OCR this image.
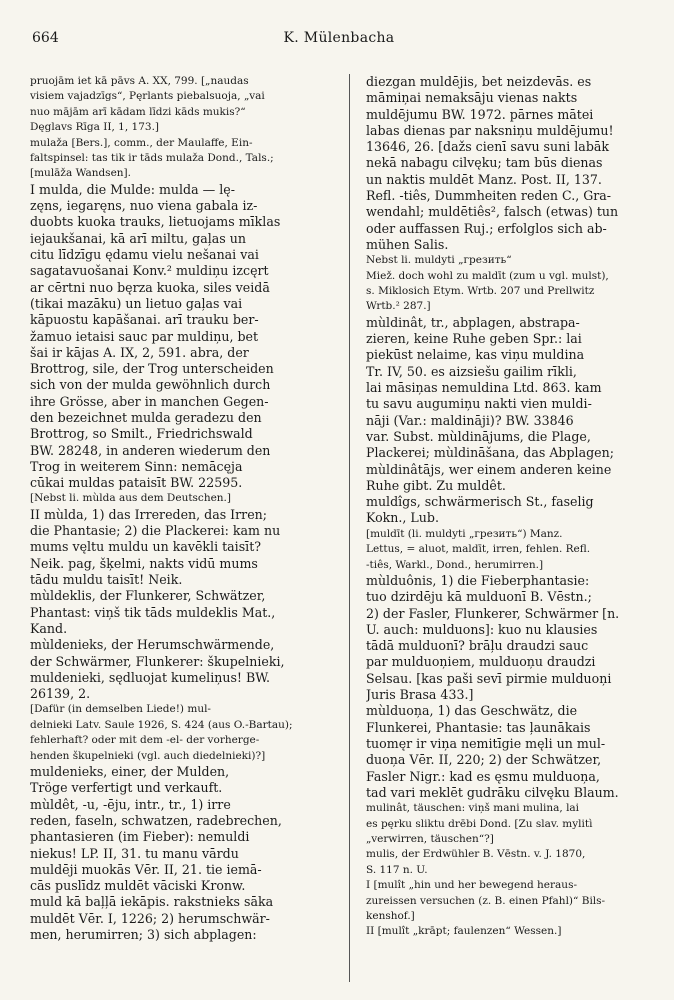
664	K. Mülenbacha
pruojām iet kā pāvs A. XX, 799. [„naudas
visiem vajadzīgs“, Pęrlants piebalsuoja, „vai
nuo mājām arī kādam līdzi kāds mukis?“
Dęglavs Rīga II, 1, 173.]
mulaža [Bers.], comm., der Maulaffe, Ein-
faltspinsel: tas tik ir tāds mulaža Dond., Tals.;
[mulāža Wandsen].
I mulda, die Mulde: mulda — lę-
zęns, iegaręns, nuo viena gabala iz-
duobts kuoka trauks, lietuojams mīklas
iejaukšanai, kā arī miltu, gaļas un
citu līdzīgu ędamu vielu nešanai vai
sagatavuošanai Konv.² muldiņu izcęrt
ar cērtni nuo bęrza kuoka, siles veidā
(tikai mazāku) un lietuo gaļas vai
kāpuostu kapāšanai. arī trauku ber-
žamuo ietaisi sauc par muldiņu, bet
šai ir kājas A. IX, 2, 591. abra, der
Brottrog, sile, der Trog unterscheiden
sich von der mulda gewöhnlich durch
ihre Grösse, aber in manchen Gegen-
den bezeichnet mulda geradezu den
Brottrog, so Smilt., Friedrichswald
BW. 28248, in anderen wiederum den
Trog in weiterem Sinn: nemācęja
cūkai muldas pataisīt BW. 22595.
[Nebst li. mùlda aus dem Deutschen.]
II mùlda, 1) das Irrereden, das Irren;
die Phantasie; 2) die Plackerei: kam nu
mums vęltu muldu un kavēkli taisīt?
Neik. pag, šķelmi, nakts vidū mums
tādu muldu taisīt! Neik.
mùldeklis, der Flunkerer, Schwätzer,
Phantast: viņš tik tāds muldeklis Mat.,
Kand.
mùldenieks, der Herumschwärmende,
der Schwärmer, Flunkerer: škupelnieki,
muldenieki, sędluojat kumeliņus! BW.
26139, 2.
[Dafür (in demselben Liede!) mul-
delnieki Latv. Saule 1926, S. 424 (aus O.-Bartau);
fehlerhaft? oder mit dem -el- der vorherge-
henden škupelnieki (vgl. auch diedelnieki)?]
muldenieks, einer, der Mulden,
Tröge verfertigt und verkauft.
mùldêt, -u, -ēju, intr., tr., 1) irre
reden, faseln, schwatzen, radebrechen,
phantasieren (im Fieber): nemuldi
niekus! LP. II, 31. tu manu vārdu
muldēji muokās Vēr. II, 21. tie iemā-
cās puslīdz muldēt vāciski Kronw.
muld kā baļļā iekāpis. rakstnieks sāka
muldēt Vēr. I, 1226; 2) herumschwär-
men, herumirren; 3) sich abplagen:
diezgan muldējis, bet neizdevās. es
māmiņai nemaksāju vienas nakts
muldējumu BW. 1972. pārnes mātei
labas dienas par naksniņu muldējumu!
13646, 26. [dažs cienī savu suni labāk
nekā nabagu cilvęku; tam būs dienas
un naktis muldēt Manz. Post. II, 137.
Refl. -tiês, Dummheiten reden C., Gra-
wendahl; muldētiês², falsch (etwas) tun
oder auffassen Ruj.; erfolglos sich ab-
mühen Salis.
Nebst li. muldyti „грезить“
Miež. doch wohl zu maldīt (zum u vgl. mulst),
s. Miklosich Etym. Wrtb. 207 und Prellwitz
Wrtb.² 287.]
mùldinât, tr., abplagen, abstrapa-
zieren, keine Ruhe geben Spr.: lai
piekūst nelaime, kas viņu muldina
Tr. IV, 50. es aizsiešu gailim rīkli,
lai māsiņas nemuldina Ltd. 863. kam
tu savu augumiņu nakti vien muldi-
nāji (Var.: maldināji)? BW. 33846
var. Subst. mùldinājums, die Plage,
Plackerei; mùldināšana, das Abplagen;
mùldinâtājs, wer einem anderen keine
Ruhe gibt. Zu muldêt.
muldîgs, schwärmerisch St., faselig
Kokn., Lub.
[muldīt (li. muldyti „грезить“) Manz.
Lettus, = aluot, maldīt, irren, fehlen. Refl.
-tiês, Warkl., Dond., herumirren.]
mùlduônis, 1) die Fieberphantasie:
tuo dzirdēju kā mulduonī B. Vēstn.;
2) der Fasler, Flunkerer, Schwärmer [n.
U. auch: mulduons]: kuo nu klausies
tādā mulduonī? brāļu draudzi sauc
par mulduoņiem, mulduoņu draudzi
Selsau. [kas paši sevī pirmie mulduoņi
Juris Brasa 433.]
mùlduoņa, 1) das Geschwätz, die
Flunkerei, Phantasie: tas ļaunākais
tuomęr ir viņa nemitīgie męli un mul-
duoņa Vēr. II, 220; 2) der Schwätzer,
Fasler Nigr.: kad es ęsmu mulduoņa,
tad vari meklēt gudrāku cilvęku Blaum.
mulinât, täuschen: viņš mani mulina, lai
es pęrku sliktu drēbi Dond. [Zu slav. mylitì
„verwirren, täuschen“?]
mulis, der Erdwühler B. Vēstn. v. J. 1870,
S. 117 n. U.
I [mulît „hin und her bewegend heraus-
zureissen versuchen (z. B. einen Pfahl)“ Bils-
kenshof.]
II [mulît „krāpt; faulenzen“ Wessen.]
